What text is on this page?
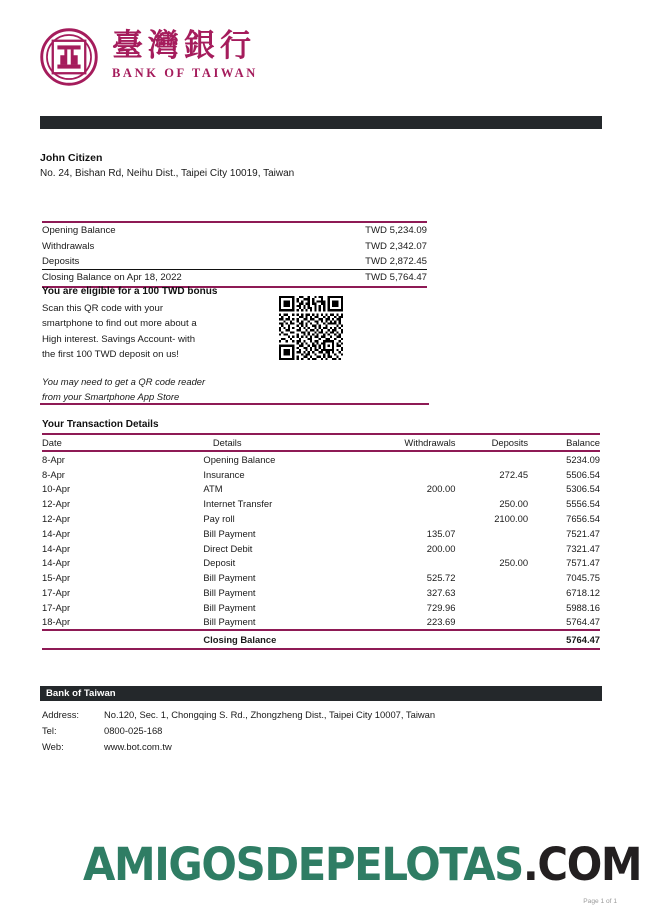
臺灣銀行
BANK OF TAIWAN
John Citizen
No. 24, Bishan Rd, Neihu Dist., Taipei City 10019, Taiwan
Opening Balance	TWD 5,234.09
Withdrawals	TWD 2,342.07
Deposits	TWD 2,872.45
Closing Balance on Apr 18, 2022	TWD 5,764.47
You are eligible for a 100 TWD bonus
Scan this QR code with your
smartphone to find out more about a
High interest. Savings Account- with
the first 100 TWD deposit on us!
You may need to get a QR code reader
from your Smartphone App Store
Your Transaction Details
Date	Details	Withdrawals	Deposits	Balance
8-Apr	Opening Balance			5234.09
8-Apr	Insurance		272.45	5506.54
10-Apr	ATM	200.00		5306.54
12-Apr	Internet Transfer		250.00	5556.54
12-Apr	Pay roll		2100.00	7656.54
14-Apr	Bill Payment	135.07		7521.47
14-Apr	Direct Debit	200.00		7321.47
14-Apr	Deposit		250.00	7571.47
15-Apr	Bill Payment	525.72		7045.75
17-Apr	Bill Payment	327.63		6718.12
17-Apr	Bill Payment	729.96		5988.16
18-Apr	Bill Payment	223.69		5764.47
	Closing Balance			5764.47
Bank of Taiwan
Address:	No.120, Sec. 1, Chongqing S. Rd., Zhongzheng Dist., Taipei City 10007, Taiwan
Tel:	0800-025-168
Web:	www.bot.com.tw
AMIGOSDEPELOTAS.COM
Page 1 of 1
